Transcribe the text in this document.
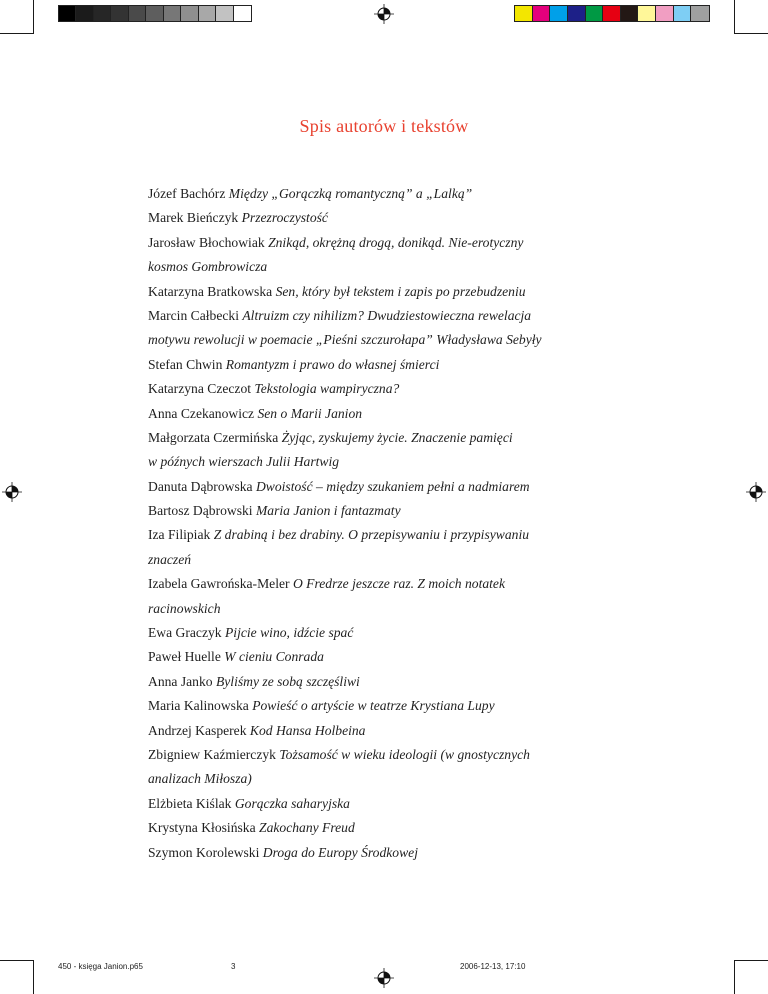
Spis autorów i tekstów
Józef Bachórz Między „Gorączką romantyczną” a „Lalką”
Marek Bieńczyk Przezroczystość
Jarosław Błochowiak Znikąd, okrężną drogą, donikąd. Nie-erotyczny
kosmos Gombrowicza
Katarzyna Bratkowska Sen, który był tekstem i zapis po przebudzeniu
Marcin Całbecki Altruizm czy nihilizm? Dwudziestowieczna rewelacja
motywu rewolucji w poemacie „Pieśni szczurołapa” Władysława Sebyły
Stefan Chwin Romantyzm i prawo do własnej śmierci
Katarzyna Czeczot Tekstologia wampiryczna?
Anna Czekanowicz Sen o Marii Janion
Małgorzata Czermińska Żyjąc, zyskujemy życie. Znaczenie pamięci
w późnych wierszach Julii Hartwig
Danuta Dąbrowska Dwoistość – między szukaniem pełni a nadmiarem
Bartosz Dąbrowski Maria Janion i fantazmaty
Iza Filipiak Z drabiną i bez drabiny. O przepisywaniu i przypisywaniu
znaczeń
Izabela Gawrońska-Meler O Fredrze jeszcze raz. Z moich notatek
racinowskich
Ewa Graczyk Pijcie wino, idźcie spać
Paweł Huelle W cieniu Conrada
Anna Janko Byliśmy ze sobą szczęśliwi
Maria Kalinowska Powieść o artyście w teatrze Krystiana Lupy
Andrzej Kasperek Kod Hansa Holbeina
Zbigniew Kaźmierczyk Tożsamość w wieku ideologii (w gnostycznych
analizach Miłosza)
Elżbieta Kiślak Gorączka saharyjska
Krystyna Kłosińska Zakochany Freud
Szymon Korolewski Droga do Europy Środkowej
450 - księga Janion.p65	3	2006-12-13, 17:10
